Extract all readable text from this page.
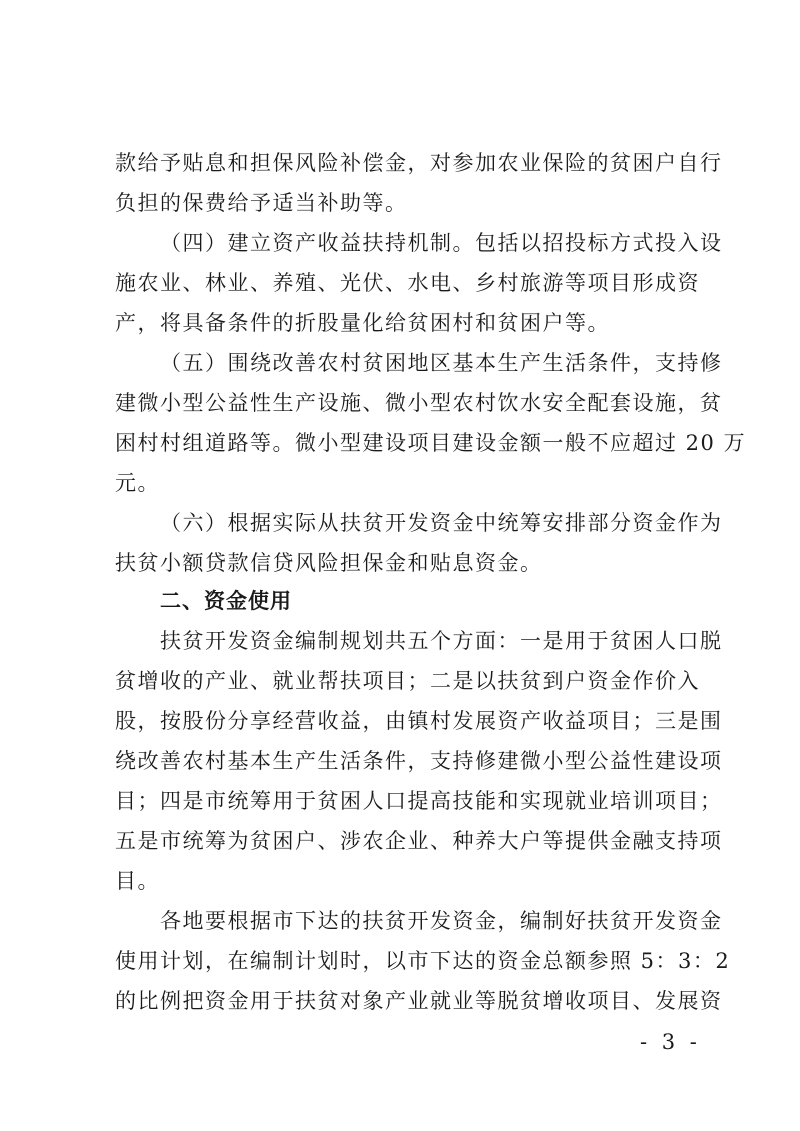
款给予贴息和担保风险补偿金，对参加农业保险的贫困户自行

负担的保费给予适当补助等。

（四）建立资产收益扶持机制。包括以招投标方式投入设

施农业、林业、养殖、光伏、水电、乡村旅游等项目形成资

产，将具备条件的折股量化给贫困村和贫困户等。

（五）围绕改善农村贫困地区基本生产生活条件，支持修

建微小型公益性生产设施、微小型农村饮水安全配套设施，贫

困村村组道路等。微小型建设项目建设金额一般不应超过 20 万

元。

（六）根据实际从扶贫开发资金中统筹安排部分资金作为

扶贫小额贷款信贷风险担保金和贴息资金。

二、资金使用

扶贫开发资金编制规划共五个方面：一是用于贫困人口脱

贫增收的产业、就业帮扶项目；二是以扶贫到户资金作价入

股，按股份分享经营收益，由镇村发展资产收益项目；三是围

绕改善农村基本生产生活条件，支持修建微小型公益性建设项

目；四是市统筹用于贫困人口提高技能和实现就业培训项目；

五是市统筹为贫困户、涉农企业、种养大户等提供金融支持项

目。

各地要根据市下达的扶贫开发资金，编制好扶贫开发资金

使用计划，在编制计划时，以市下达的资金总额参照 5：3：2

的比例把资金用于扶贫对象产业就业等脱贫增收项目、发展资

- 3 -
